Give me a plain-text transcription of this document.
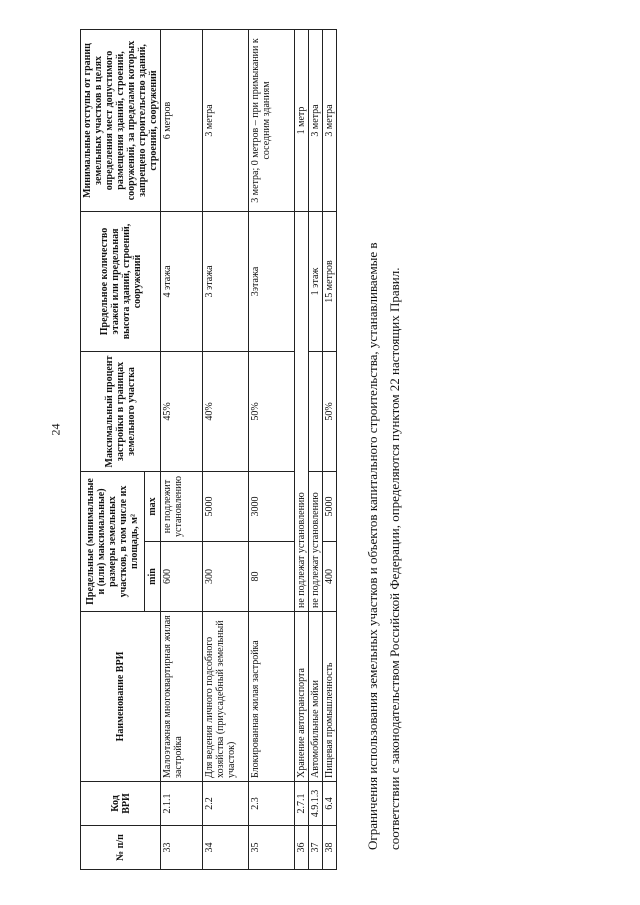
24
№ п/п	Код ВРИ	Наименование ВРИ	Предельные (минимальные и (или) максимальные) размеры земельных участков, в том числе их площадь, м²		Максимальный процент застройки в границах земельного участка	Предельное количество этажей или предельная высота зданий, строений, сооружений	Минимальные отступы от границ земельных участков в целях определения мест допустимого размещения зданий, строений, сооружений, за пределами которых запрещено строительство зданий, строений, сооружений
			min	max			
33	2.1.1	Малоэтажная многоквартирная жилая застройка	600	не подлежит установлению	45%	4 этажа	6 метров
34	2.2	Для ведения личного подсобного хозяйства (приусадебный земельный участок)	300	5000	40%	3 этажа	3 метра
35	2.3	Блокированная жилая застройка	80	3000	50%	3этажа	3 метра; 0 метров – при примыкании к соседним зданиям
36	2.7.1	Хранение автотранспорта	не подлежат установлению				1 метр
37	4.9.1.3	Автомобильные мойки	не подлежат установлению			1 этаж	3 метра
38	6.4	Пищевая промышленность	400	5000	50%	15 метров	3 метра
Ограничения использования земельных участков и объектов капитального строительства, устанавливаемые в соответствии с законодательством Российской Федерации, определяются пунктом 22 настоящих Правил.
